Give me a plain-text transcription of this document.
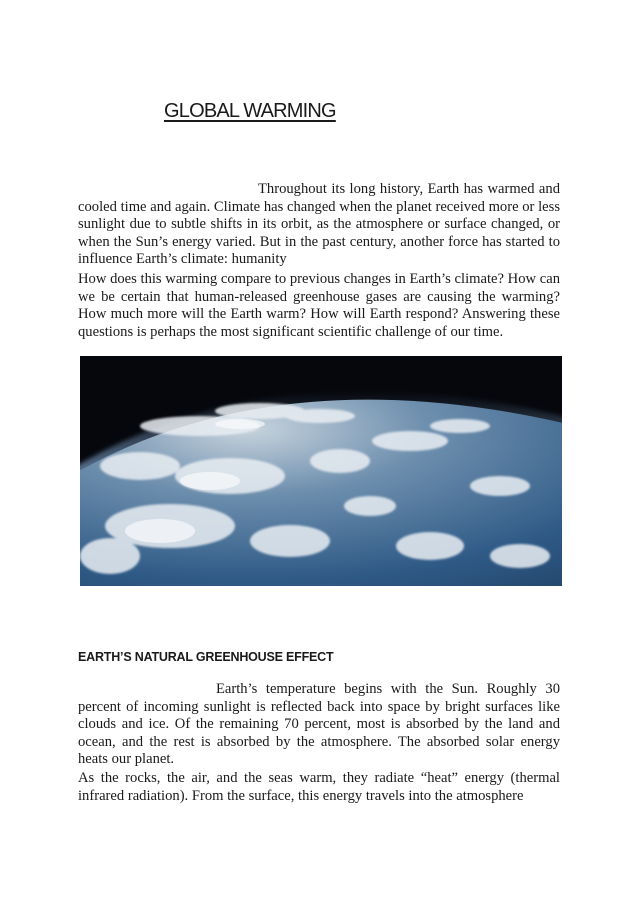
GLOBAL WARMING

Throughout its long history, Earth has warmed and cooled time and again. Climate has changed when the planet received more or less sunlight due to subtle shifts in its orbit, as the atmosphere or surface changed, or when the Sun’s energy varied. But in the past century, another force has started to influence Earth’s climate: humanity

How does this warming compare to previous changes in Earth’s climate? How can we be certain that human-released greenhouse gases are causing the warming? How much more will the Earth warm? How will Earth respond? Answering these questions is perhaps the most significant scientific challenge of our time.

EARTH’S NATURAL GREENHOUSE EFFECT

Earth’s temperature begins with the Sun. Roughly 30 percent of incoming sunlight is reflected back into space by bright surfaces like clouds and ice. Of the remaining 70 percent, most is absorbed by the land and ocean, and the rest is absorbed by the atmosphere. The absorbed solar energy heats our planet.

As the rocks, the air, and the seas warm, they radiate “heat” energy (thermal infrared radiation). From the surface, this energy travels into the atmosphere
